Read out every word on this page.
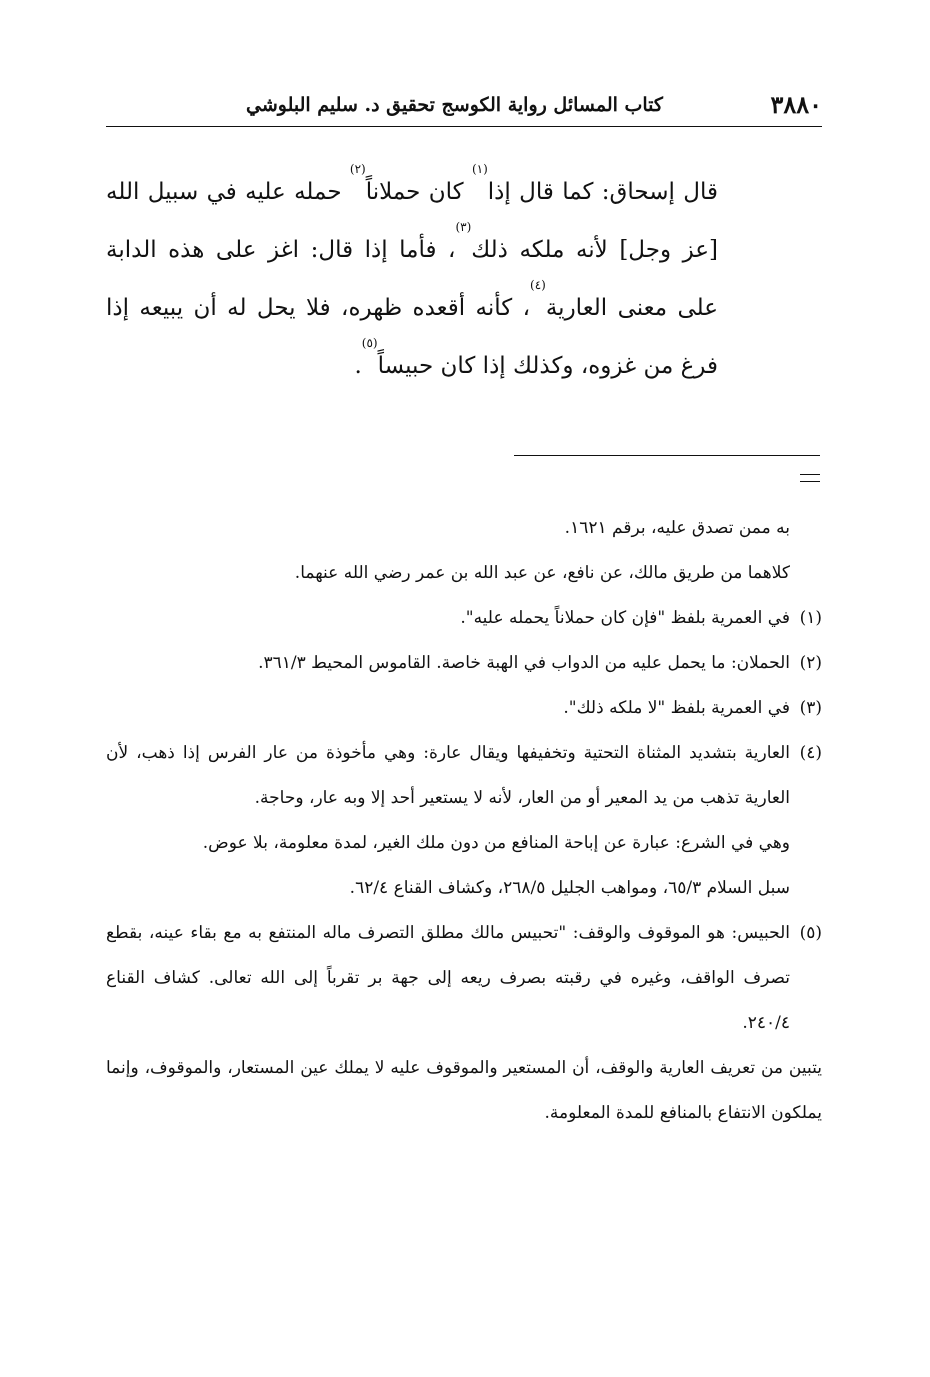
٣٨٨٠
كتاب المسائل رواية الكوسج تحقيق د. سليم البلوشي
قال إسحاق: كما قال إذا$^{(١)}$ كان حملاناً$^{(٢)}$ حمله عليه في سبيل الله [عز وجل] لأنه ملكه ذلك$^{(٣)}$، فأما إذا قال: اغز على هذه الدابة على معنى العارية$^{(٤)}$، كأنه أقعده ظهره، فلا يحل له أن يبيعه إذا فرغ من غزوه، وكذلك إذا كان حبيساً$^{(٥)}$.
به ممن تصدق عليه، برقم ١٦٢١.
كلاهما من طريق مالك، عن نافع، عن عبد الله بن عمر رضي الله عنهما.
(١)
في العمرية بلفظ "فإن كان حملاناً يحمله عليه".
(٢)
الحملان: ما يحمل عليه من الدواب في الهبة خاصة. القاموس المحيط ٣٦١/٣.
(٣)
في العمرية بلفظ "لا ملكه ذلك".
(٤)
العارية بتشديد المثناة التحتية وتخفيفها ويقال عارة: وهي مأخوذة من عار الفرس إذا ذهب، لأن العارية تذهب من يد المعير أو من العار، لأنه لا يستعير أحد إلا وبه عار، وحاجة.
وهي في الشرع: عبارة عن إباحة المنافع من دون ملك الغير، لمدة معلومة، بلا عوض.
سبل السلام ٦٥/٣، ومواهب الجليل ٢٦٨/٥، وكشاف القناع ٦٢/٤.
(٥)
الحبيس: هو الموقوف والوقف: "تحبيس مالك مطلق التصرف ماله المنتفع به مع بقاء عينه، بقطع تصرف الواقف، وغيره في رقبته بصرف ريعه إلى جهة بر تقرباً إلى الله تعالى. كشاف القناع ٢٤٠/٤.
يتبين من تعريف العارية والوقف، أن المستعير والموقوف عليه لا يملك عين المستعار، والموقوف، وإنما يملكون الانتفاع بالمنافع للمدة المعلومة.
